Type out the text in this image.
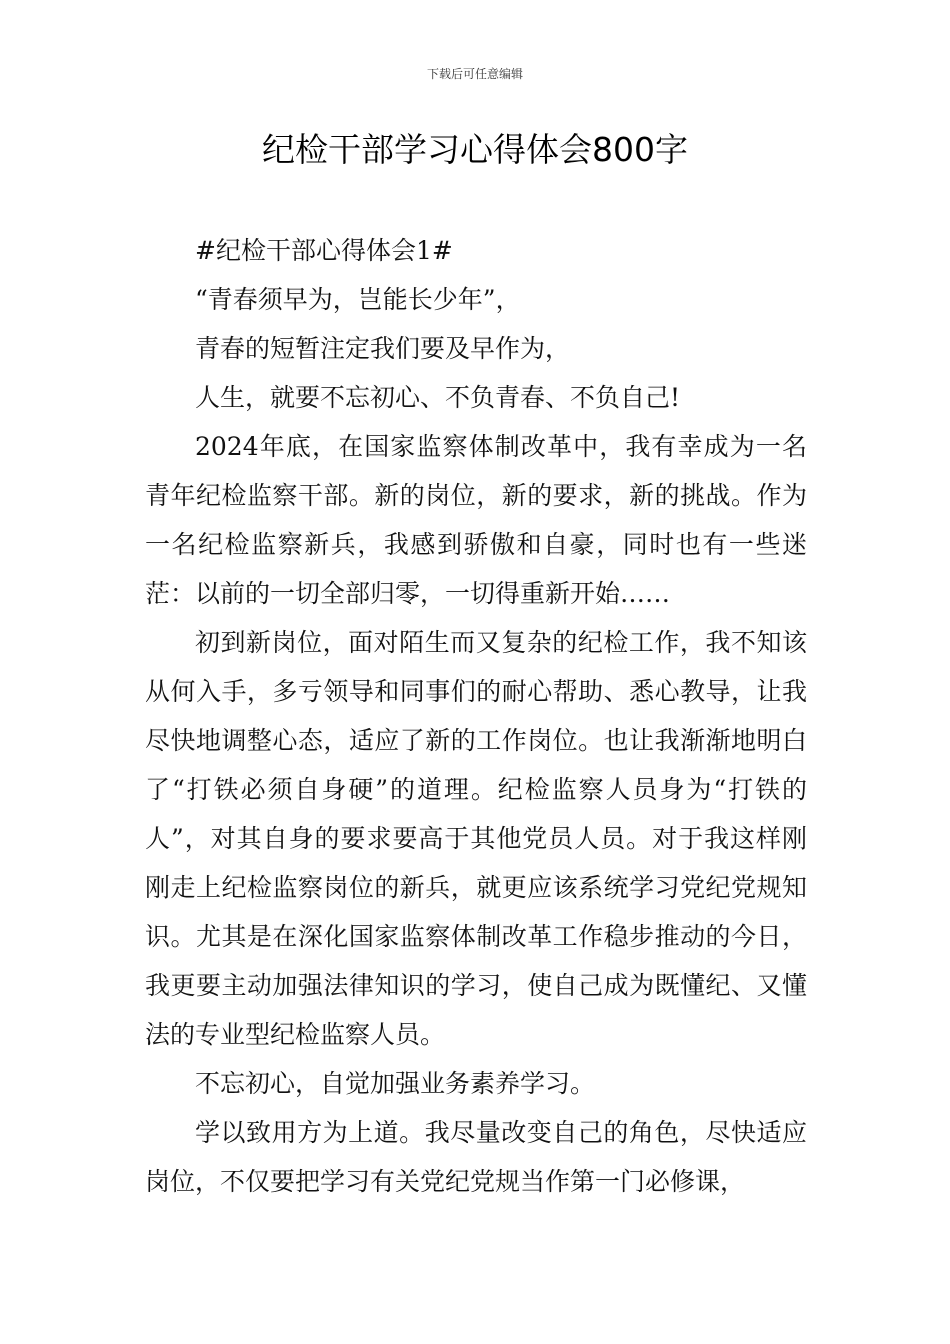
下载后可任意编辑
纪检干部学习心得体会800字

#纪检干部心得体会1#

“青春须早为，岂能长少年”，

青春的短暂注定我们要及早作为，

人生，就要不忘初心、不负青春、不负自己!

2024年底，在国家监察体制改革中，我有幸成为一名青年纪检监察干部。新的岗位，新的要求，新的挑战。作为一名纪检监察新兵，我感到骄傲和自豪，同时也有一些迷茫：以前的一切全部归零，一切得重新开始……

初到新岗位，面对陌生而又复杂的纪检工作，我不知该从何入手，多亏领导和同事们的耐心帮助、悉心教导，让我尽快地调整心态，适应了新的工作岗位。也让我渐渐地明白了“打铁必须自身硬”的道理。纪检监察人员身为“打铁的人”，对其自身的要求要高于其他党员人员。对于我这样刚刚走上纪检监察岗位的新兵，就更应该系统学习党纪党规知识。尤其是在深化国家监察体制改革工作稳步推动的今日，我更要主动加强法律知识的学习，使自己成为既懂纪、又懂法的专业型纪检监察人员。

不忘初心，自觉加强业务素养学习。

学以致用方为上道。我尽量改变自己的角色，尽快适应岗位，不仅要把学习有关党纪党规当作第一门必修课，
